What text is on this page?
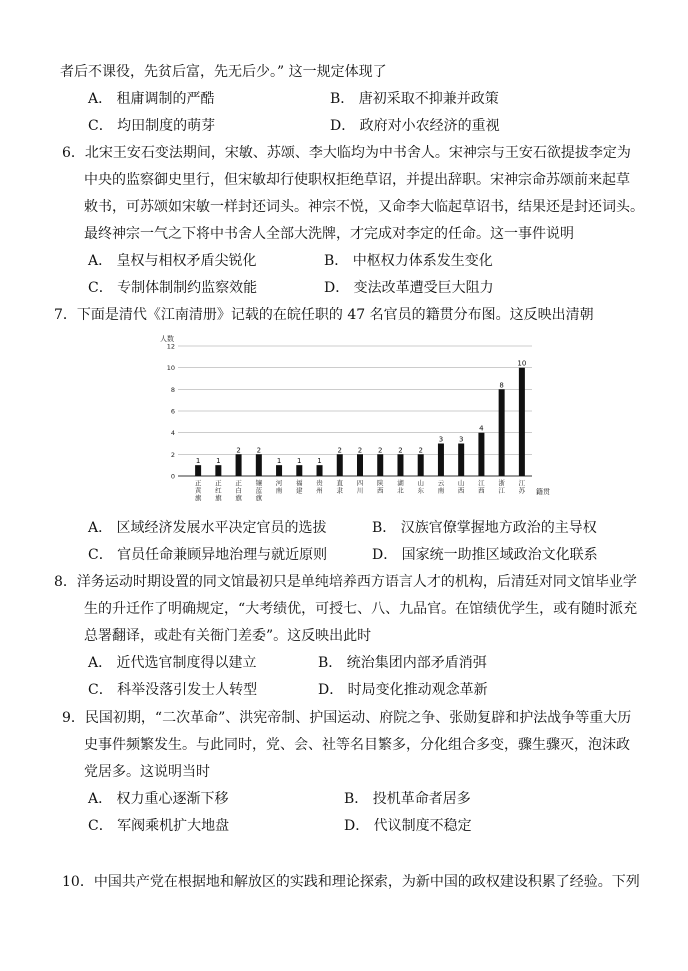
者后不课役，先贫后富，先无后少。” 这一规定体现了
A． 租庸调制的严酷	B． 唐初采取不抑兼并政策
C． 均田制度的萌芽	D． 政府对小农经济的重视
6．北宋王安石变法期间，宋敏、苏颂、李大临均为中书舍人。宋神宗与王安石欲提拔李定为
中央的监察御史里行，但宋敏却行使职权拒绝草诏，并提出辞职。宋神宗命苏颂前来起草
敕书，可苏颂如宋敏一样封还词头。神宗不悦，又命李大临起草诏书，结果还是封还词头。
最终神宗一气之下将中书舍人全部大洗牌，才完成对李定的任命。这一事件说明
A． 皇权与相权矛盾尖锐化	B． 中枢权力体系发生变化
C． 专制体制制约监察效能	D． 变法改革遭受巨大阻力
7．下面是清代《江南清册》记载的在皖任职的 47 名官员的籍贯分布图。这反映出清朝
0
2
4
6
8
10
12
1 1
2 2
1 1 1
2 2 2 2 2
3 3
4
8
10
正黄旗
正红旗
正白旗
镶蓝旗
河南
福建
贵州
直隶
四川
陕西
湖北
山东
云南
山西
江西
浙江
江苏
人数
籍贯
A． 区域经济发展水平决定官员的选拔	B． 汉族官僚掌握地方政治的主导权
C． 官员任命兼顾异地治理与就近原则	D． 国家统一助推区域政治文化联系
8．洋务运动时期设置的同文馆最初只是单纯培养西方语言人才的机构，后清廷对同文馆毕业学
生的升迁作了明确规定，“大考绩优，可授七、八、九品官。在馆绩优学生，或有随时派充
总署翻译，或赴有关衙门差委”。这反映出此时
A． 近代选官制度得以建立	B． 统治集团内部矛盾消弭
C． 科举没落引发士人转型	D． 时局变化推动观念革新
9．民国初期，“二次革命”、洪宪帝制、护国运动、府院之争、张勋复辟和护法战争等重大历
史事件频繁发生。与此同时，党、会、社等名目繁多，分化组合多变，骤生骤灭，泡沫政
党居多。这说明当时
A． 权力重心逐渐下移	B． 投机革命者居多
C． 军阀乘机扩大地盘	D． 代议制度不稳定
10．中国共产党在根据地和解放区的实践和理论探索，为新中国的政权建设积累了经验。下列
